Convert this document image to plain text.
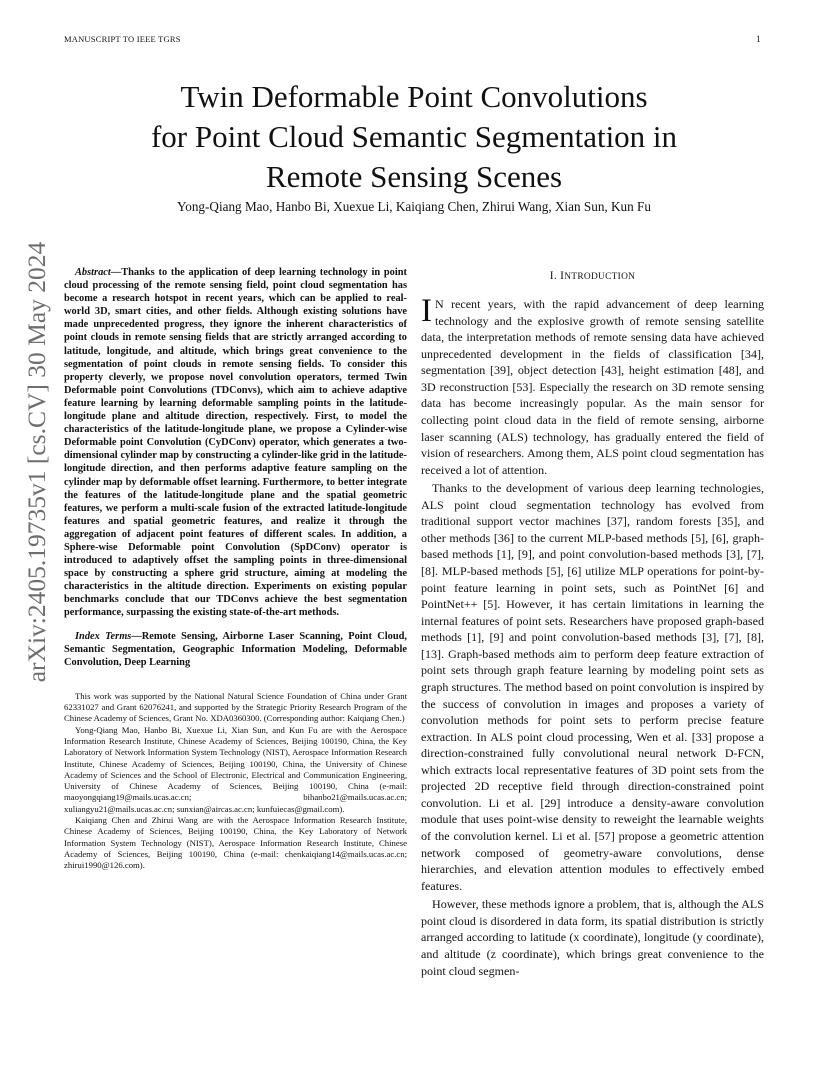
MANUSCRIPT TO IEEE TGRS	1
arXiv:2405.19735v1 [cs.CV] 30 May 2024
Twin Deformable Point Convolutions
for Point Cloud Semantic Segmentation in
Remote Sensing Scenes
Yong-Qiang Mao, Hanbo Bi, Xuexue Li, Kaiqiang Chen, Zhirui Wang, Xian Sun, Kun Fu

Abstract—Thanks to the application of deep learning technology in point cloud processing of the remote sensing field, point cloud segmentation has become a research hotspot in recent years, which can be applied to real-world 3D, smart cities, and other fields. Although existing solutions have made unprecedented progress, they ignore the inherent characteristics of point clouds in remote sensing fields that are strictly arranged according to latitude, longitude, and altitude, which brings great convenience to the segmentation of point clouds in remote sensing fields. To consider this property cleverly, we propose novel convolution operators, termed Twin Deformable point Convolutions (TDConvs), which aim to achieve adaptive feature learning by learning deformable sampling points in the latitude-longitude plane and altitude direction, respectively. First, to model the characteristics of the latitude-longitude plane, we propose a Cylinder-wise Deformable point Convolution (CyDConv) operator, which generates a two-dimensional cylinder map by constructing a cylinder-like grid in the latitude-longitude direction, and then performs adaptive feature sampling on the cylinder map by deformable offset learning. Furthermore, to better integrate the features of the latitude-longitude plane and the spatial geometric features, we perform a multi-scale fusion of the extracted latitude-longitude features and spatial geometric features, and realize it through the aggregation of adjacent point features of different scales. In addition, a Sphere-wise Deformable point Convolution (SpDConv) operator is introduced to adaptively offset the sampling points in three-dimensional space by constructing a sphere grid structure, aiming at modeling the characteristics in the altitude direction. Experiments on existing popular benchmarks conclude that our TDConvs achieve the best segmentation performance, surpassing the existing state-of-the-art methods.

Index Terms—Remote Sensing, Airborne Laser Scanning, Point Cloud, Semantic Segmentation, Geographic Information Modeling, Deformable Convolution, Deep Learning

This work was supported by the National Natural Science Foundation of China under Grant 62331027 and Grant 62076241, and supported by the Strategic Priority Research Program of the Chinese Academy of Sciences, Grant No. XDA0360300. (Corresponding author: Kaiqiang Chen.)

Yong-Qiang Mao, Hanbo Bi, Xuexue Li, Xian Sun, and Kun Fu are with the Aerospace Information Research Institute, Chinese Academy of Sciences, Beijing 100190, China, the Key Laboratory of Network Information System Technology (NIST), Aerospace Information Research Institute, Chinese Academy of Sciences, Beijing 100190, China, the University of Chinese Academy of Sciences and the School of Electronic, Electrical and Communication Engineering, University of Chinese Academy of Sciences, Beijing 100190, China (e-mail: maoyongqiang19@mails.ucas.ac.cn; bihanbo21@mails.ucas.ac.cn; xuliangyu21@mails.ucas.ac.cn; sunxian@aircas.ac.cn; kunfuiecas@gmail.com).

Kaiqiang Chen and Zhirui Wang are with the Aerospace Information Research Institute, Chinese Academy of Sciences, Beijing 100190, China, the Key Laboratory of Network Information System Technology (NIST), Aerospace Information Research Institute, Chinese Academy of Sciences, Beijing 100190, China (e-mail: chenkaiqiang14@mails.ucas.ac.cn; zhirui1990@126.com).

I. INTRODUCTION

I N recent years, with the rapid advancement of deep learning technology and the explosive growth of remote sensing satellite data, the interpretation methods of remote sensing data have achieved unprecedented development in the fields of classification [34], segmentation [39], object detection [43], height estimation [48], and 3D reconstruction [53]. Especially the research on 3D remote sensing data has become increasingly popular. As the main sensor for collecting point cloud data in the field of remote sensing, airborne laser scanning (ALS) technology, has gradually entered the field of vision of researchers. Among them, ALS point cloud segmentation has received a lot of attention.

Thanks to the development of various deep learning technologies, ALS point cloud segmentation technology has evolved from traditional support vector machines [37], random forests [35], and other methods [36] to the current MLP-based methods [5], [6], graph-based methods [1], [9], and point convolution-based methods [3], [7], [8]. MLP-based methods [5], [6] utilize MLP operations for point-by-point feature learning in point sets, such as PointNet [6] and PointNet++ [5]. However, it has certain limitations in learning the internal features of point sets. Researchers have proposed graph-based methods [1], [9] and point convolution-based methods [3], [7], [8], [13]. Graph-based methods aim to perform deep feature extraction of point sets through graph feature learning by modeling point sets as graph structures. The method based on point convolution is inspired by the success of convolution in images and proposes a variety of convolution methods for point sets to perform precise feature extraction. In ALS point cloud processing, Wen et al. [33] propose a direction-constrained fully convolutional neural network D-FCN, which extracts local representative features of 3D point sets from the projected 2D receptive field through direction-constrained point convolution. Li et al. [29] introduce a density-aware convolution module that uses point-wise density to reweight the learnable weights of the convolution kernel. Li et al. [57] propose a geometric attention network composed of geometry-aware convolutions, dense hierarchies, and elevation attention modules to effectively embed features.

However, these methods ignore a problem, that is, although the ALS point cloud is disordered in data form, its spatial distribution is strictly arranged according to latitude (x coordinate), longitude (y coordinate), and altitude (z coordinate), which brings great convenience to the point cloud segmen-
